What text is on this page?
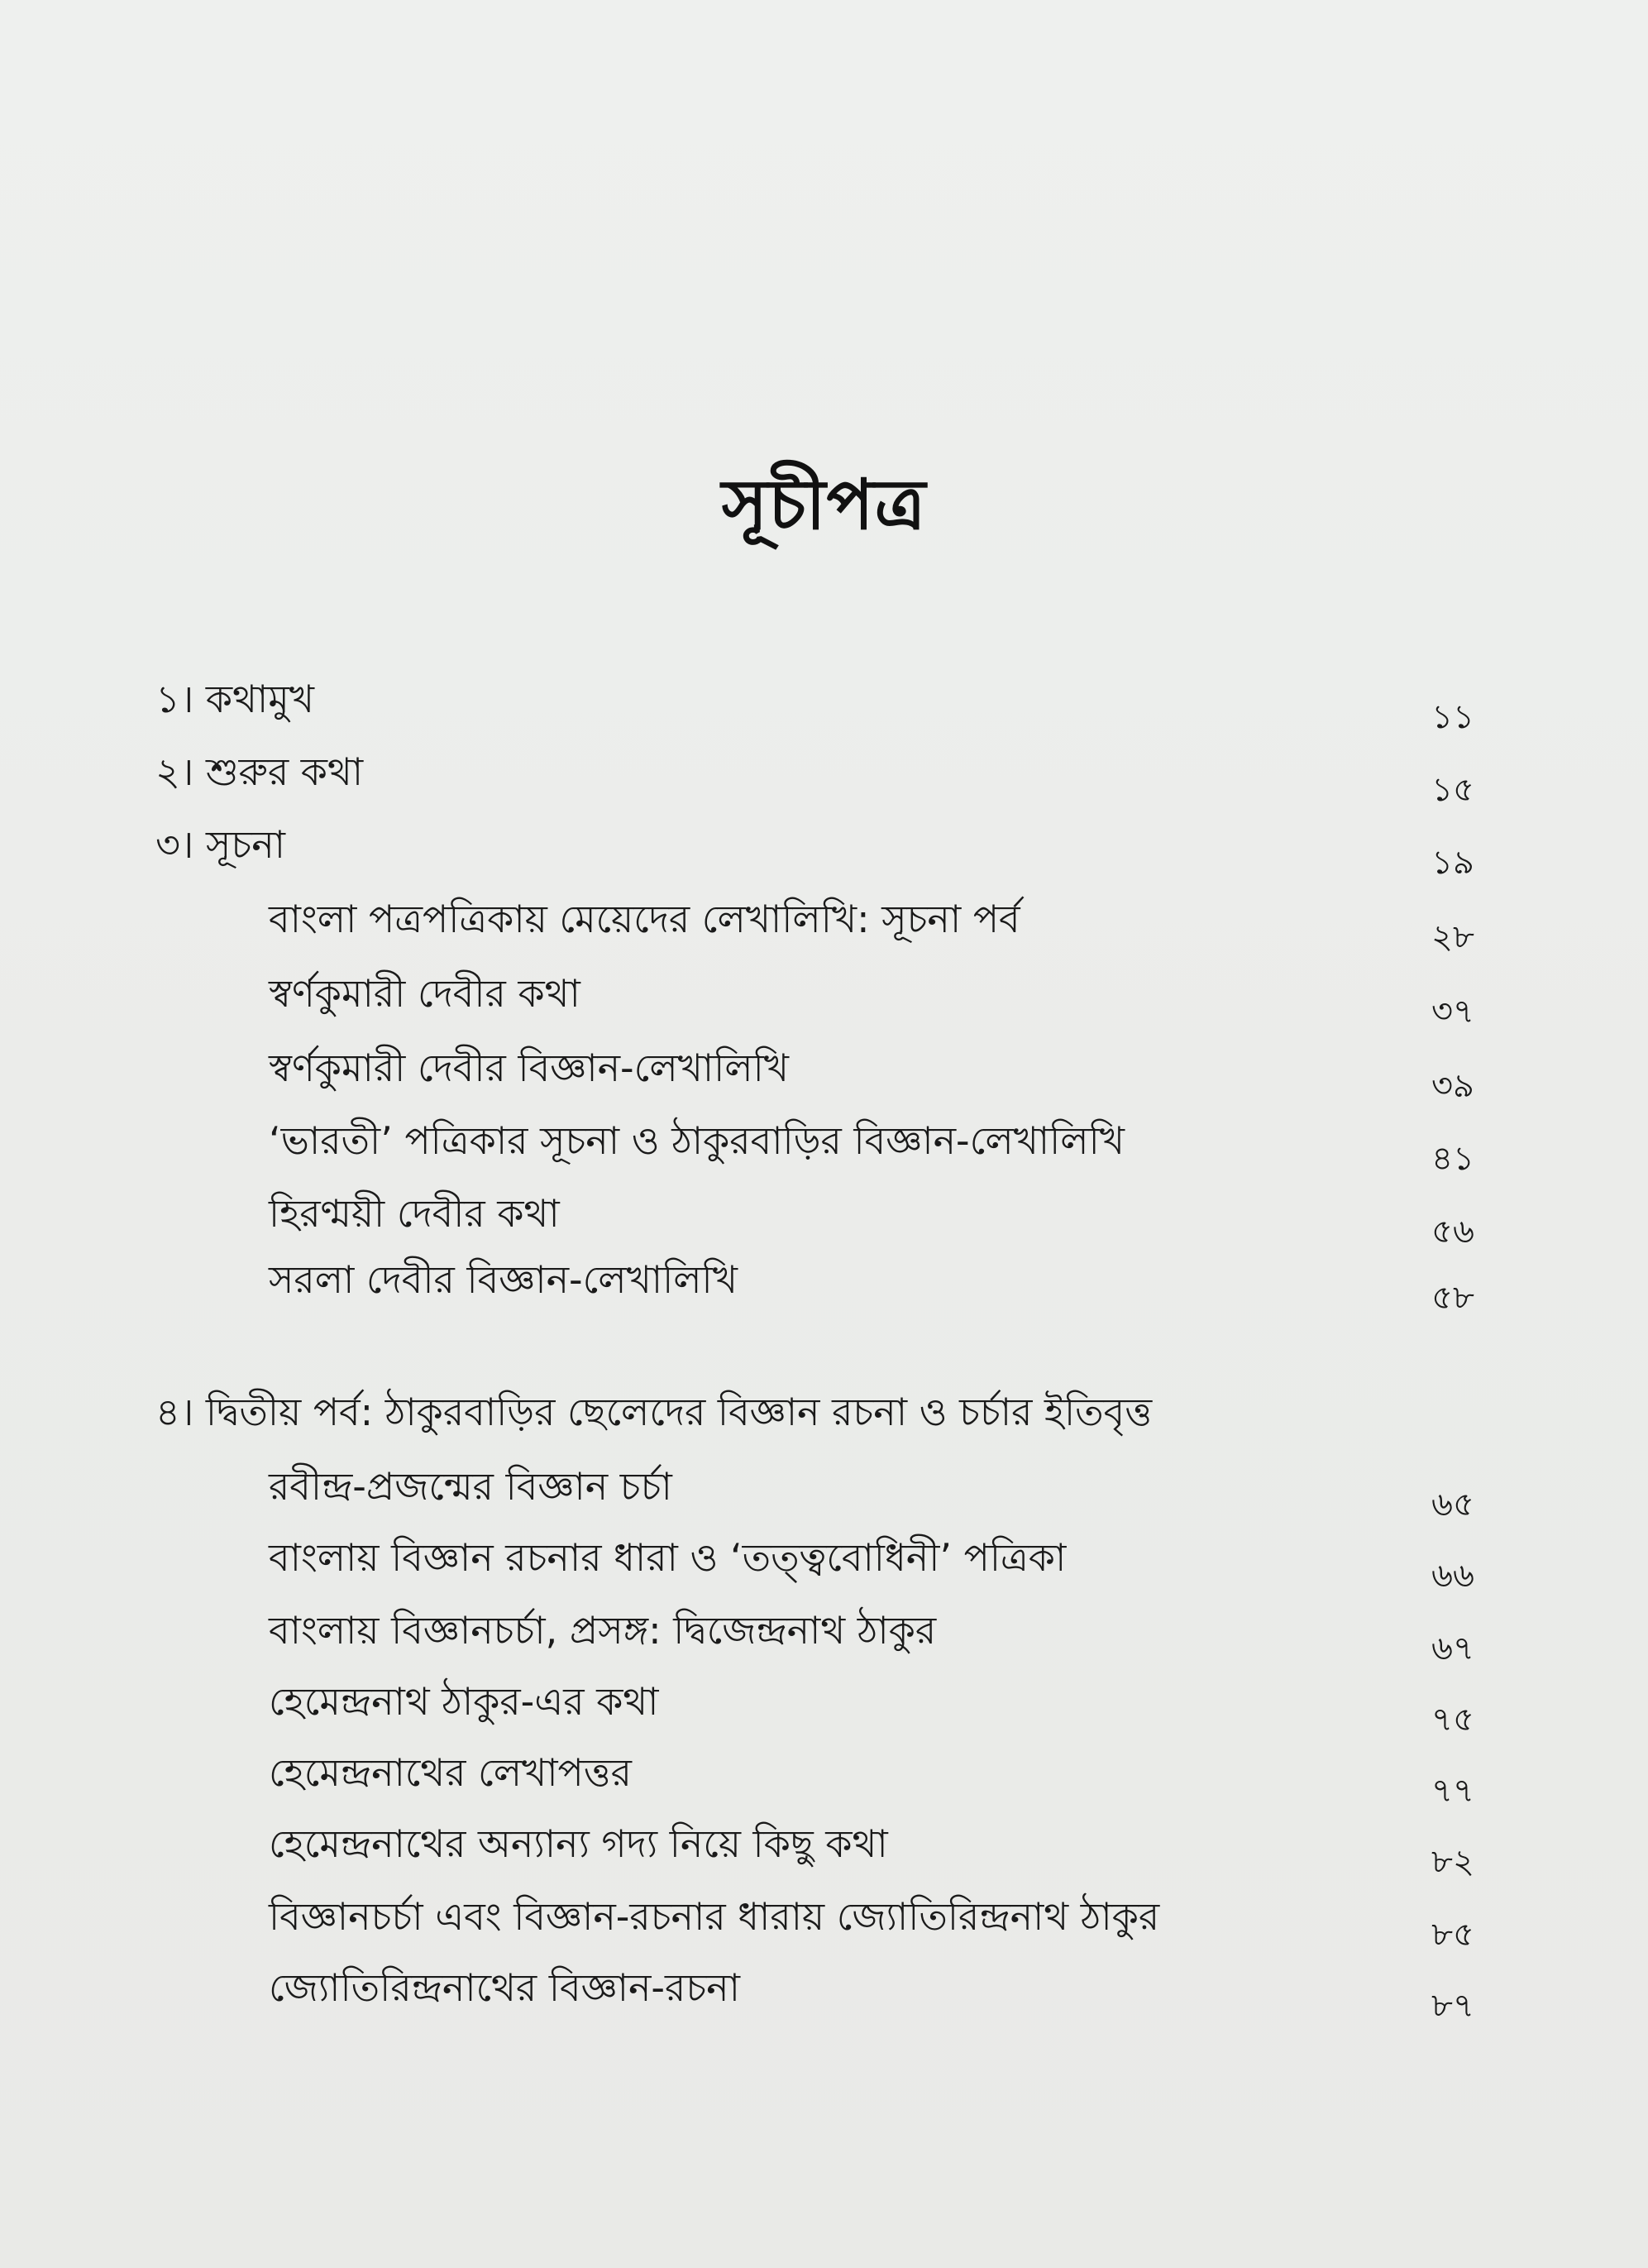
সূচীপত্র
১। কথামুখ	১১
২। শুরুর কথা	১৫
৩। সূচনা	১৯
বাংলা পত্রপত্রিকায় মেয়েদের লেখালিখি: সূচনা পর্ব	২৮
স্বর্ণকুমারী দেবীর কথা	৩৭
স্বর্ণকুমারী দেবীর বিজ্ঞান-লেখালিখি	৩৯
‘ভারতী’ পত্রিকার সূচনা ও ঠাকুরবাড়ির বিজ্ঞান-লেখালিখি	৪১
হিরণ্ময়ী দেবীর কথা	৫৬
সরলা দেবীর বিজ্ঞান-লেখালিখি	৫৮
৪। দ্বিতীয় পর্ব: ঠাকুরবাড়ির ছেলেদের বিজ্ঞান রচনা ও চর্চার ইতিবৃত্ত
রবীন্দ্র-প্রজন্মের বিজ্ঞান চর্চা	৬৫
বাংলায় বিজ্ঞান রচনার ধারা ও ‘তত্ত্ববোধিনী’ পত্রিকা	৬৬
বাংলায় বিজ্ঞানচর্চা, প্রসঙ্গ: দ্বিজেন্দ্রনাথ ঠাকুর	৬৭
হেমেন্দ্রনাথ ঠাকুর-এর কথা	৭৫
হেমেন্দ্রনাথের লেখাপত্তর	৭৭
হেমেন্দ্রনাথের অন্যান্য গদ্য নিয়ে কিছু কথা	৮২
বিজ্ঞানচর্চা এবং বিজ্ঞান-রচনার ধারায় জ্যোতিরিন্দ্রনাথ ঠাকুর	৮৫
জ্যোতিরিন্দ্রনাথের বিজ্ঞান-রচনা	৮৭
